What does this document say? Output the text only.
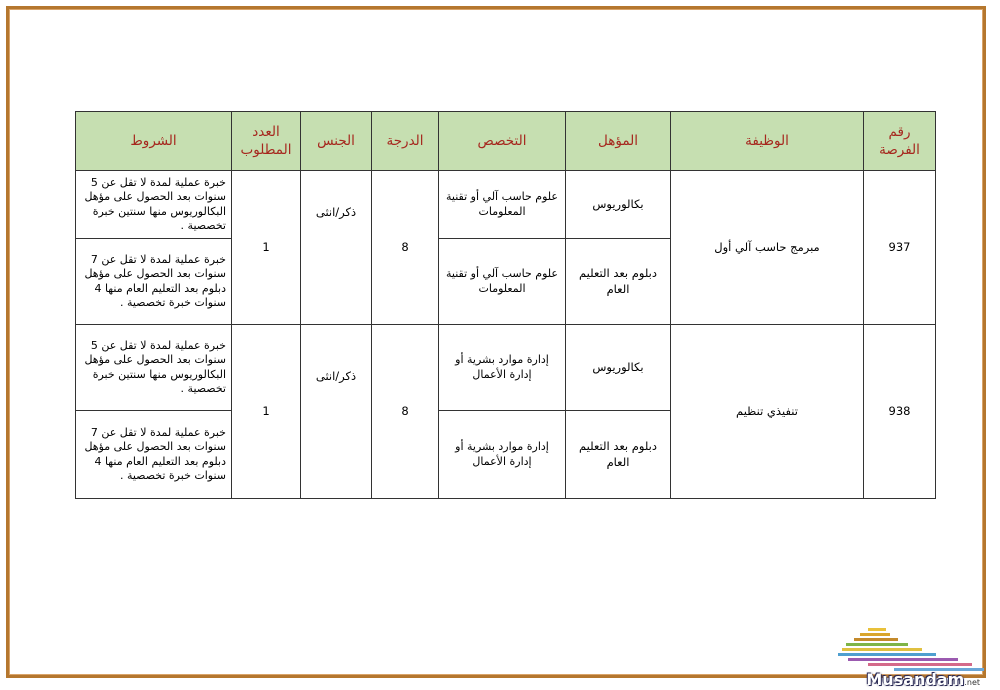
رقم الفرصة	الوظيفة	المؤهل	التخصص	الدرجة	الجنس	العدد المطلوب	الشروط
937	مبرمج حاسب آلي أول	بكالوريوس	علوم حاسب آلي أو تقنية المعلومات	8	ذكر/انثى	1	خبرة عملية لمدة لا تقل عن 5 سنوات بعد الحصول على مؤهل البكالوريوس منها سنتين خبرة تخصصية .
		دبلوم بعد التعليم العام	علوم حاسب آلي أو تقنية المعلومات				خبرة عملية لمدة لا تقل عن 7 سنوات بعد الحصول على مؤهل دبلوم بعد التعليم العام منها 4 سنوات خبرة تخصصية .
938	تنفيذي تنظيم	بكالوريوس	إدارة موارد بشرية أو إدارة الأعمال	8	ذكر/انثى	1	خبرة عملية لمدة لا تقل عن 5 سنوات بعد الحصول على مؤهل البكالوريوس منها سنتين خبرة تخصصية .
		دبلوم بعد التعليم العام	إدارة موارد بشرية أو إدارة الأعمال				خبرة عملية لمدة لا تقل عن 7 سنوات بعد الحصول على مؤهل دبلوم بعد التعليم العام منها 4 سنوات خبرة تخصصية .
Musandam.net
